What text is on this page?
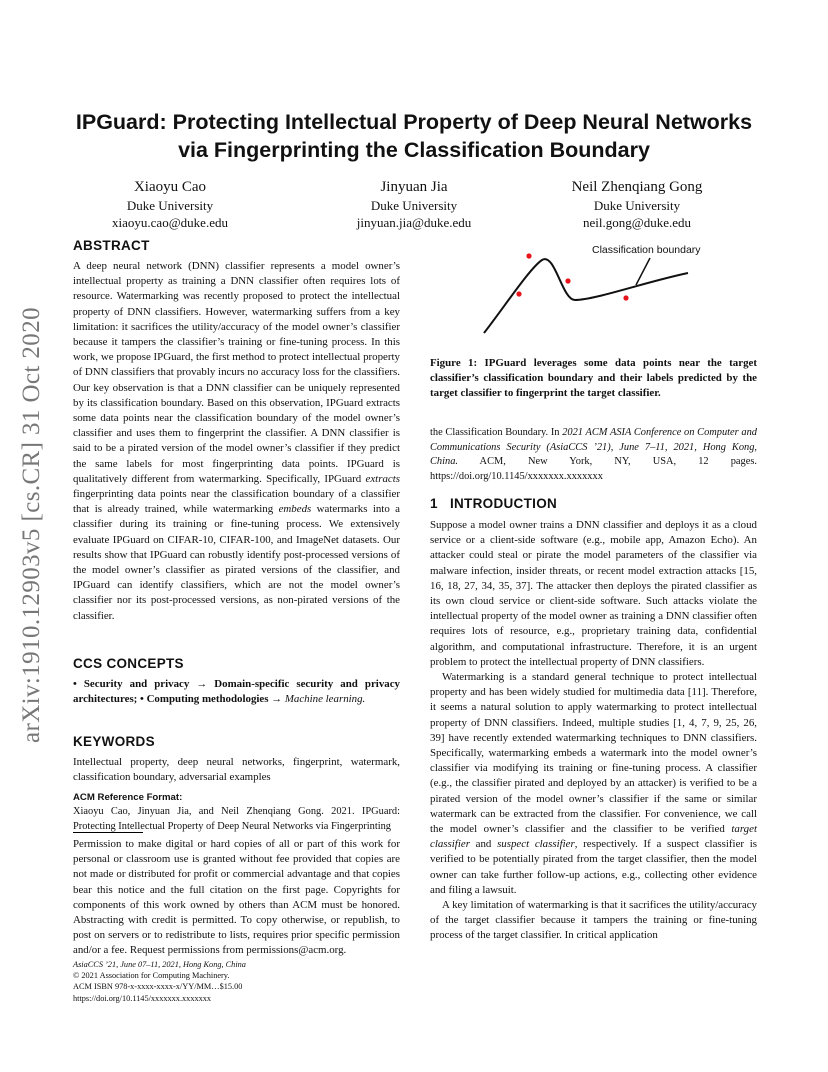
arXiv:1910.12903v5 [cs.CR] 31 Oct 2020
IPGuard: Protecting Intellectual Property of Deep Neural Networks via Fingerprinting the Classification Boundary
Xiaoyu Cao
Duke University
xiaoyu.cao@duke.edu
Jinyuan Jia
Duke University
jinyuan.jia@duke.edu
Neil Zhenqiang Gong
Duke University
neil.gong@duke.edu
ABSTRACT

A deep neural network (DNN) classifier represents a model owner’s intellectual property as training a DNN classifier often requires lots of resource. Watermarking was recently proposed to protect the intellectual property of DNN classifiers. However, watermarking suffers from a key limitation: it sacrifices the utility/accuracy of the model owner’s classifier because it tampers the classifier’s training or fine-tuning process. In this work, we propose IPGuard, the first method to protect intellectual property of DNN classifiers that provably incurs no accuracy loss for the classifiers. Our key observation is that a DNN classifier can be uniquely represented by its classification boundary. Based on this observation, IPGuard extracts some data points near the classification boundary of the model owner’s classifier and uses them to fingerprint the classifier. A DNN classifier is said to be a pirated version of the model owner’s classifier if they predict the same labels for most fingerprinting data points. IPGuard is qualitatively different from watermarking. Specifically, IPGuard extracts fingerprinting data points near the classification boundary of a classifier that is already trained, while watermarking embeds watermarks into a classifier during its training or fine-tuning process. We extensively evaluate IPGuard on CIFAR-10, CIFAR-100, and ImageNet datasets. Our results show that IPGuard can robustly identify post-processed versions of the model owner’s classifier as pirated versions of the classifier, and IPGuard can identify classifiers, which are not the model owner’s classifier nor its post-processed versions, as non-pirated versions of the classifier.

CCS CONCEPTS

• Security and privacy → Domain-specific security and privacy architectures; • Computing methodologies → Machine learning.

KEYWORDS

Intellectual property, deep neural networks, fingerprint, watermark, classification boundary, adversarial examples

ACM Reference Format:

Xiaoyu Cao, Jinyuan Jia, and Neil Zhenqiang Gong. 2021. IPGuard: Protecting Intellectual Property of Deep Neural Networks via Fingerprinting

Permission to make digital or hard copies of all or part of this work for personal or classroom use is granted without fee provided that copies are not made or distributed for profit or commercial advantage and that copies bear this notice and the full citation on the first page. Copyrights for components of this work owned by others than ACM must be honored. Abstracting with credit is permitted. To copy otherwise, or republish, to post on servers or to redistribute to lists, requires prior specific permission and/or a fee. Request permissions from permissions@acm.org.

AsiaCCS ’21, June 07–11, 2021, Hong Kong, China
© 2021 Association for Computing Machinery.
ACM ISBN 978-x-xxxx-xxxx-x/YY/MM…$15.00
https://doi.org/10.1145/xxxxxxx.xxxxxxx
Classification boundary
Figure 1: IPGuard leverages some data points near the target classifier’s classification boundary and their labels predicted by the target classifier to fingerprint the target classifier.

the Classification Boundary. In 2021 ACM ASIA Conference on Computer and Communications Security (AsiaCCS ’21), June 7–11, 2021, Hong Kong, China. ACM, New York, NY, USA, 12 pages. https://doi.org/10.1145/xxxxxxx.xxxxxxx

1   INTRODUCTION

Suppose a model owner trains a DNN classifier and deploys it as a cloud service or a client-side software (e.g., mobile app, Amazon Echo). An attacker could steal or pirate the model parameters of the classifier via malware infection, insider threats, or recent model extraction attacks [15, 16, 18, 27, 34, 35, 37]. The attacker then deploys the pirated classifier as its own cloud service or client-side software. Such attacks violate the intellectual property of the model owner as training a DNN classifier often requires lots of resource, e.g., proprietary training data, confidential algorithm, and computational infrastructure. Therefore, it is an urgent problem to protect the intellectual property of DNN classifiers.

Watermarking is a standard general technique to protect intellectual property and has been widely studied for multimedia data [11]. Therefore, it seems a natural solution to apply watermarking to protect intellectual property of DNN classifiers. Indeed, multiple studies [1, 4, 7, 9, 25, 26, 39] have recently extended watermarking techniques to DNN classifiers. Specifically, watermarking embeds a watermark into the model owner’s classifier via modifying its training or fine-tuning process. A classifier (e.g., the classifier pirated and deployed by an attacker) is verified to be a pirated version of the model owner’s classifier if the same or similar watermark can be extracted from the classifier. For convenience, we call the model owner’s classifier and the classifier to be verified target classifier and suspect classifier, respectively. If a suspect classifier is verified to be potentially pirated from the target classifier, then the model owner can take further follow-up actions, e.g., collecting other evidence and filing a lawsuit.

A key limitation of watermarking is that it sacrifices the utility/accuracy of the target classifier because it tampers the training or fine-tuning process of the target classifier. In critical application
